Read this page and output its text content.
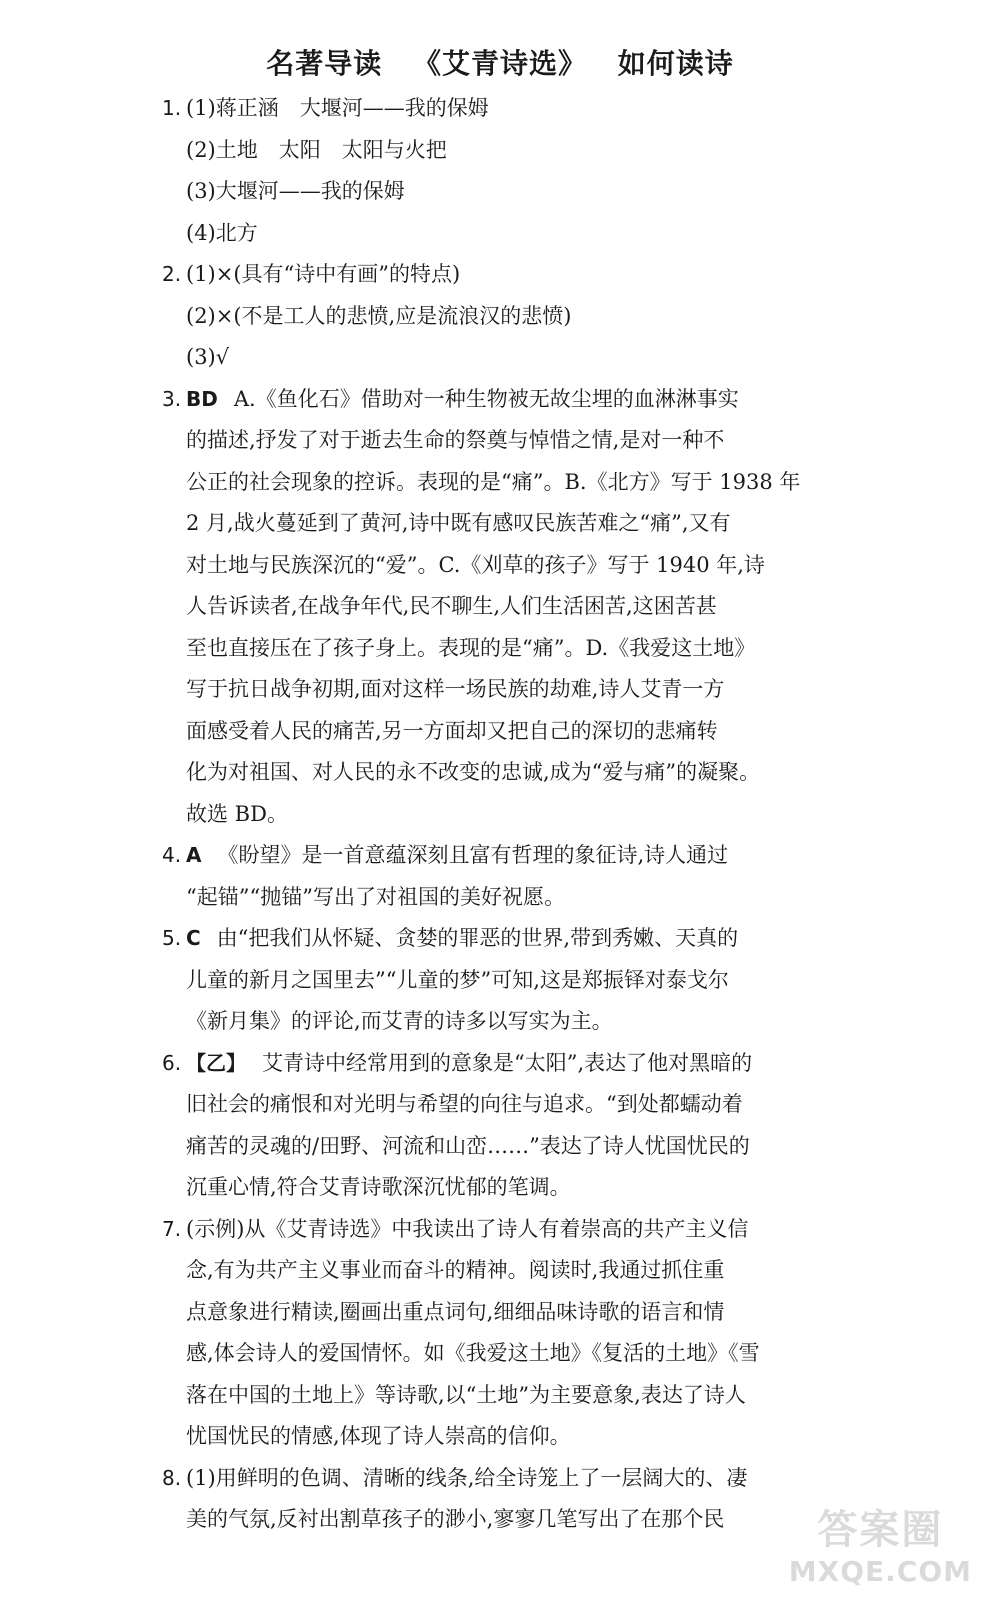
名著导读 《艾青诗选》 如何读诗
1. (1)蒋正涵　大堰河——我的保姆
(2)土地　太阳　太阳与火把
(3)大堰河——我的保姆
(4)北方
2. (1)×(具有“诗中有画”的特点)
(2)×(不是工人的悲愤,应是流浪汉的悲愤)
(3)√
3. BD A.《鱼化石》借助对一种生物被无故尘埋的血淋淋事实
的描述,抒发了对于逝去生命的祭奠与悼惜之情,是对一种不
公正的社会现象的控诉。表现的是“痛”。B.《北方》写于 1938 年
2 月,战火蔓延到了黄河,诗中既有感叹民族苦难之“痛”,又有
对土地与民族深沉的“爱”。C.《刈草的孩子》写于 1940 年,诗
人告诉读者,在战争年代,民不聊生,人们生活困苦,这困苦甚
至也直接压在了孩子身上。表现的是“痛”。D.《我爱这土地》
写于抗日战争初期,面对这样一场民族的劫难,诗人艾青一方
面感受着人民的痛苦,另一方面却又把自己的深切的悲痛转
化为对祖国、对人民的永不改变的忠诚,成为“爱与痛”的凝聚。
故选 BD。
4. A 《盼望》是一首意蕴深刻且富有哲理的象征诗,诗人通过
“起锚”“抛锚”写出了对祖国的美好祝愿。
5. C 由“把我们从怀疑、贪婪的罪恶的世界,带到秀嫩、天真的
儿童的新月之国里去”“儿童的梦”可知,这是郑振铎对泰戈尔
《新月集》的评论,而艾青的诗多以写实为主。
6. 【乙】 艾青诗中经常用到的意象是“太阳”,表达了他对黑暗的
旧社会的痛恨和对光明与希望的向往与追求。“到处都蠕动着
痛苦的灵魂的/田野、河流和山峦……”表达了诗人忧国忧民的
沉重心情,符合艾青诗歌深沉忧郁的笔调。
7. (示例)从《艾青诗选》中我读出了诗人有着崇高的共产主义信
念,有为共产主义事业而奋斗的精神。阅读时,我通过抓住重
点意象进行精读,圈画出重点词句,细细品味诗歌的语言和情
感,体会诗人的爱国情怀。如《我爱这土地》《复活的土地》《雪
落在中国的土地上》等诗歌,以“土地”为主要意象,表达了诗人
忧国忧民的情感,体现了诗人崇高的信仰。
8. (1)用鲜明的色调、清晰的线条,给全诗笼上了一层阔大的、凄
美的气氛,反衬出割草孩子的渺小,寥寥几笔写出了在那个民	答案圈
MXQE.COM
